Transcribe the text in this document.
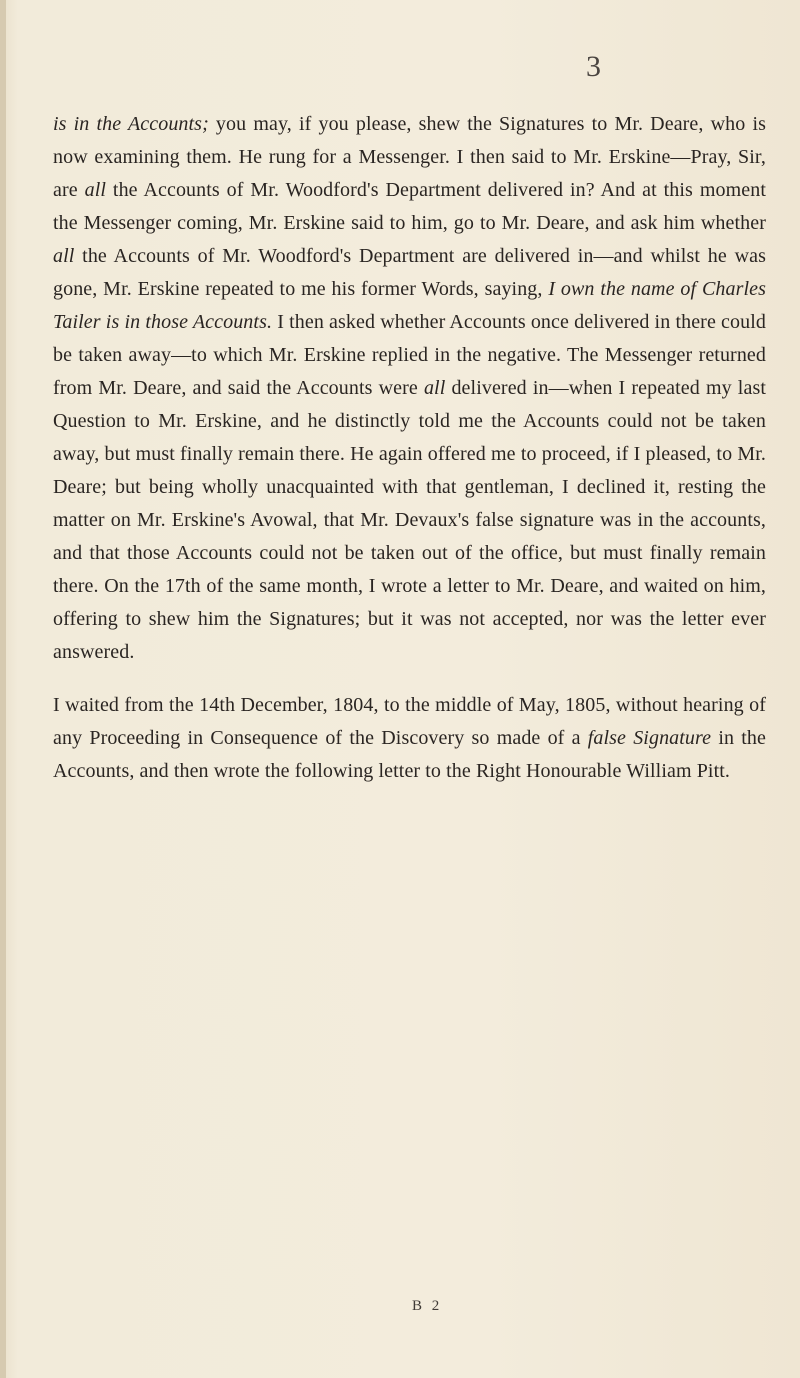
3

is in the Accounts; you may, if you please, shew the Signatures to Mr. Deare, who is now examining them. He rung for a Messenger. I then said to Mr. Erskine—Pray, Sir, are all the Accounts of Mr. Woodford's Department delivered in? And at this moment the Messenger coming, Mr. Erskine said to him, go to Mr. Deare, and ask him whether all the Accounts of Mr. Woodford's Department are delivered in—and whilst he was gone, Mr. Erskine repeated to me his former Words, saying, I own the name of Charles Tailer is in those Accounts. I then asked whether Accounts once delivered in there could be taken away—to which Mr. Erskine replied in the negative. The Messenger returned from Mr. Deare, and said the Accounts were all delivered in—when I repeated my last Question to Mr. Erskine, and he distinctly told me the Accounts could not be taken away, but must finally remain there. He again offered me to proceed, if I pleased, to Mr. Deare; but being wholly unacquainted with that gentleman, I declined it, resting the matter on Mr. Erskine's Avowal, that Mr. Devaux's false signature was in the accounts, and that those Accounts could not be taken out of the office, but must finally remain there. On the 17th of the same month, I wrote a letter to Mr. Deare, and waited on him, offering to shew him the Signatures; but it was not accepted, nor was the letter ever answered.

I waited from the 14th December, 1804, to the middle of May, 1805, without hearing of any Proceeding in Consequence of the Discovery so made of a false Signature in the Accounts, and then wrote the following letter to the Right Honourable William Pitt.

B 2
